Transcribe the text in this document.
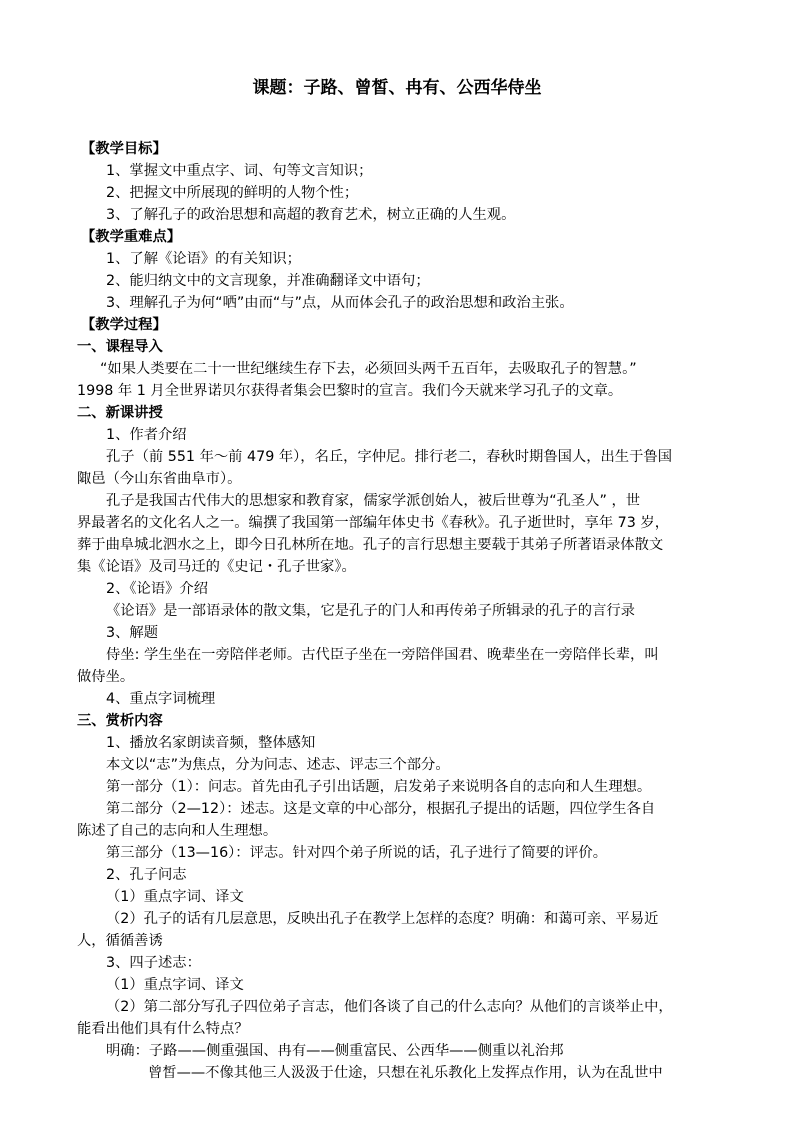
课题：子路、曾皙、冉有、公西华侍坐
【教学目标】
1、掌握文中重点字、词、句等文言知识；
2、把握文中所展现的鲜明的人物个性；
3、了解孔子的政治思想和高超的教育艺术，树立正确的人生观。
【教学重难点】
1、了解《论语》的有关知识；
2、能归纳文中的文言现象，并准确翻译文中语句；
3、理解孔子为何“哂”由而“与”点，从而体会孔子的政治思想和政治主张。
【教学过程】
一、课程导入
“如果人类要在二十一世纪继续生存下去，必须回头两千五百年，去吸取孔子的智慧。”
1998 年 1 月全世界诺贝尔获得者集会巴黎时的宣言。我们今天就来学习孔子的文章。
二、新课讲授
1、作者介绍
孔子（前 551 年～前 479 年），名丘，字仲尼。排行老二，春秋时期鲁国人，出生于鲁国
陬邑（今山东省曲阜市）。
孔子是我国古代伟大的思想家和教育家，儒家学派创始人，被后世尊为“孔圣人” ，世
界最著名的文化名人之一。编撰了我国第一部编年体史书《春秋》。孔子逝世时，享年 73 岁，
葬于曲阜城北泗水之上，即今日孔林所在地。孔子的言行思想主要载于其弟子所著语录体散文
集《论语》及司马迁的《史记・孔子世家》。
2、《论语》介绍
《论语》是一部语录体的散文集，它是孔子的门人和再传弟子所辑录的孔子的言行录
3、解题
侍坐: 学生坐在一旁陪伴老师。古代臣子坐在一旁陪伴国君、晚辈坐在一旁陪伴长辈，叫
做侍坐。
4、重点字词梳理
三、赏析内容
1、播放名家朗读音频，整体感知
本文以“志”为焦点，分为问志、述志、评志三个部分。
第一部分（1）：问志。首先由孔子引出话题，启发弟子来说明各自的志向和人生理想。
第二部分（2—12）：述志。这是文章的中心部分，根据孔子提出的话题，四位学生各自
陈述了自己的志向和人生理想。
第三部分（13—16）：评志。针对四个弟子所说的话，孔子进行了简要的评价。
2、孔子问志
（1）重点字词、译文
（2）孔子的话有几层意思，反映出孔子在教学上怎样的态度？明确：和蔼可亲、平易近
人，循循善诱
3、四子述志：
（1）重点字词、译文
（2）第二部分写孔子四位弟子言志，他们各谈了自己的什么志向？从他们的言谈举止中，
能看出他们具有什么特点？
明确：子路——侧重强国、冉有——侧重富民、公西华——侧重以礼治邦
曾皙——不像其他三人汲汲于仕途，只想在礼乐教化上发挥点作用，认为在乱世中
